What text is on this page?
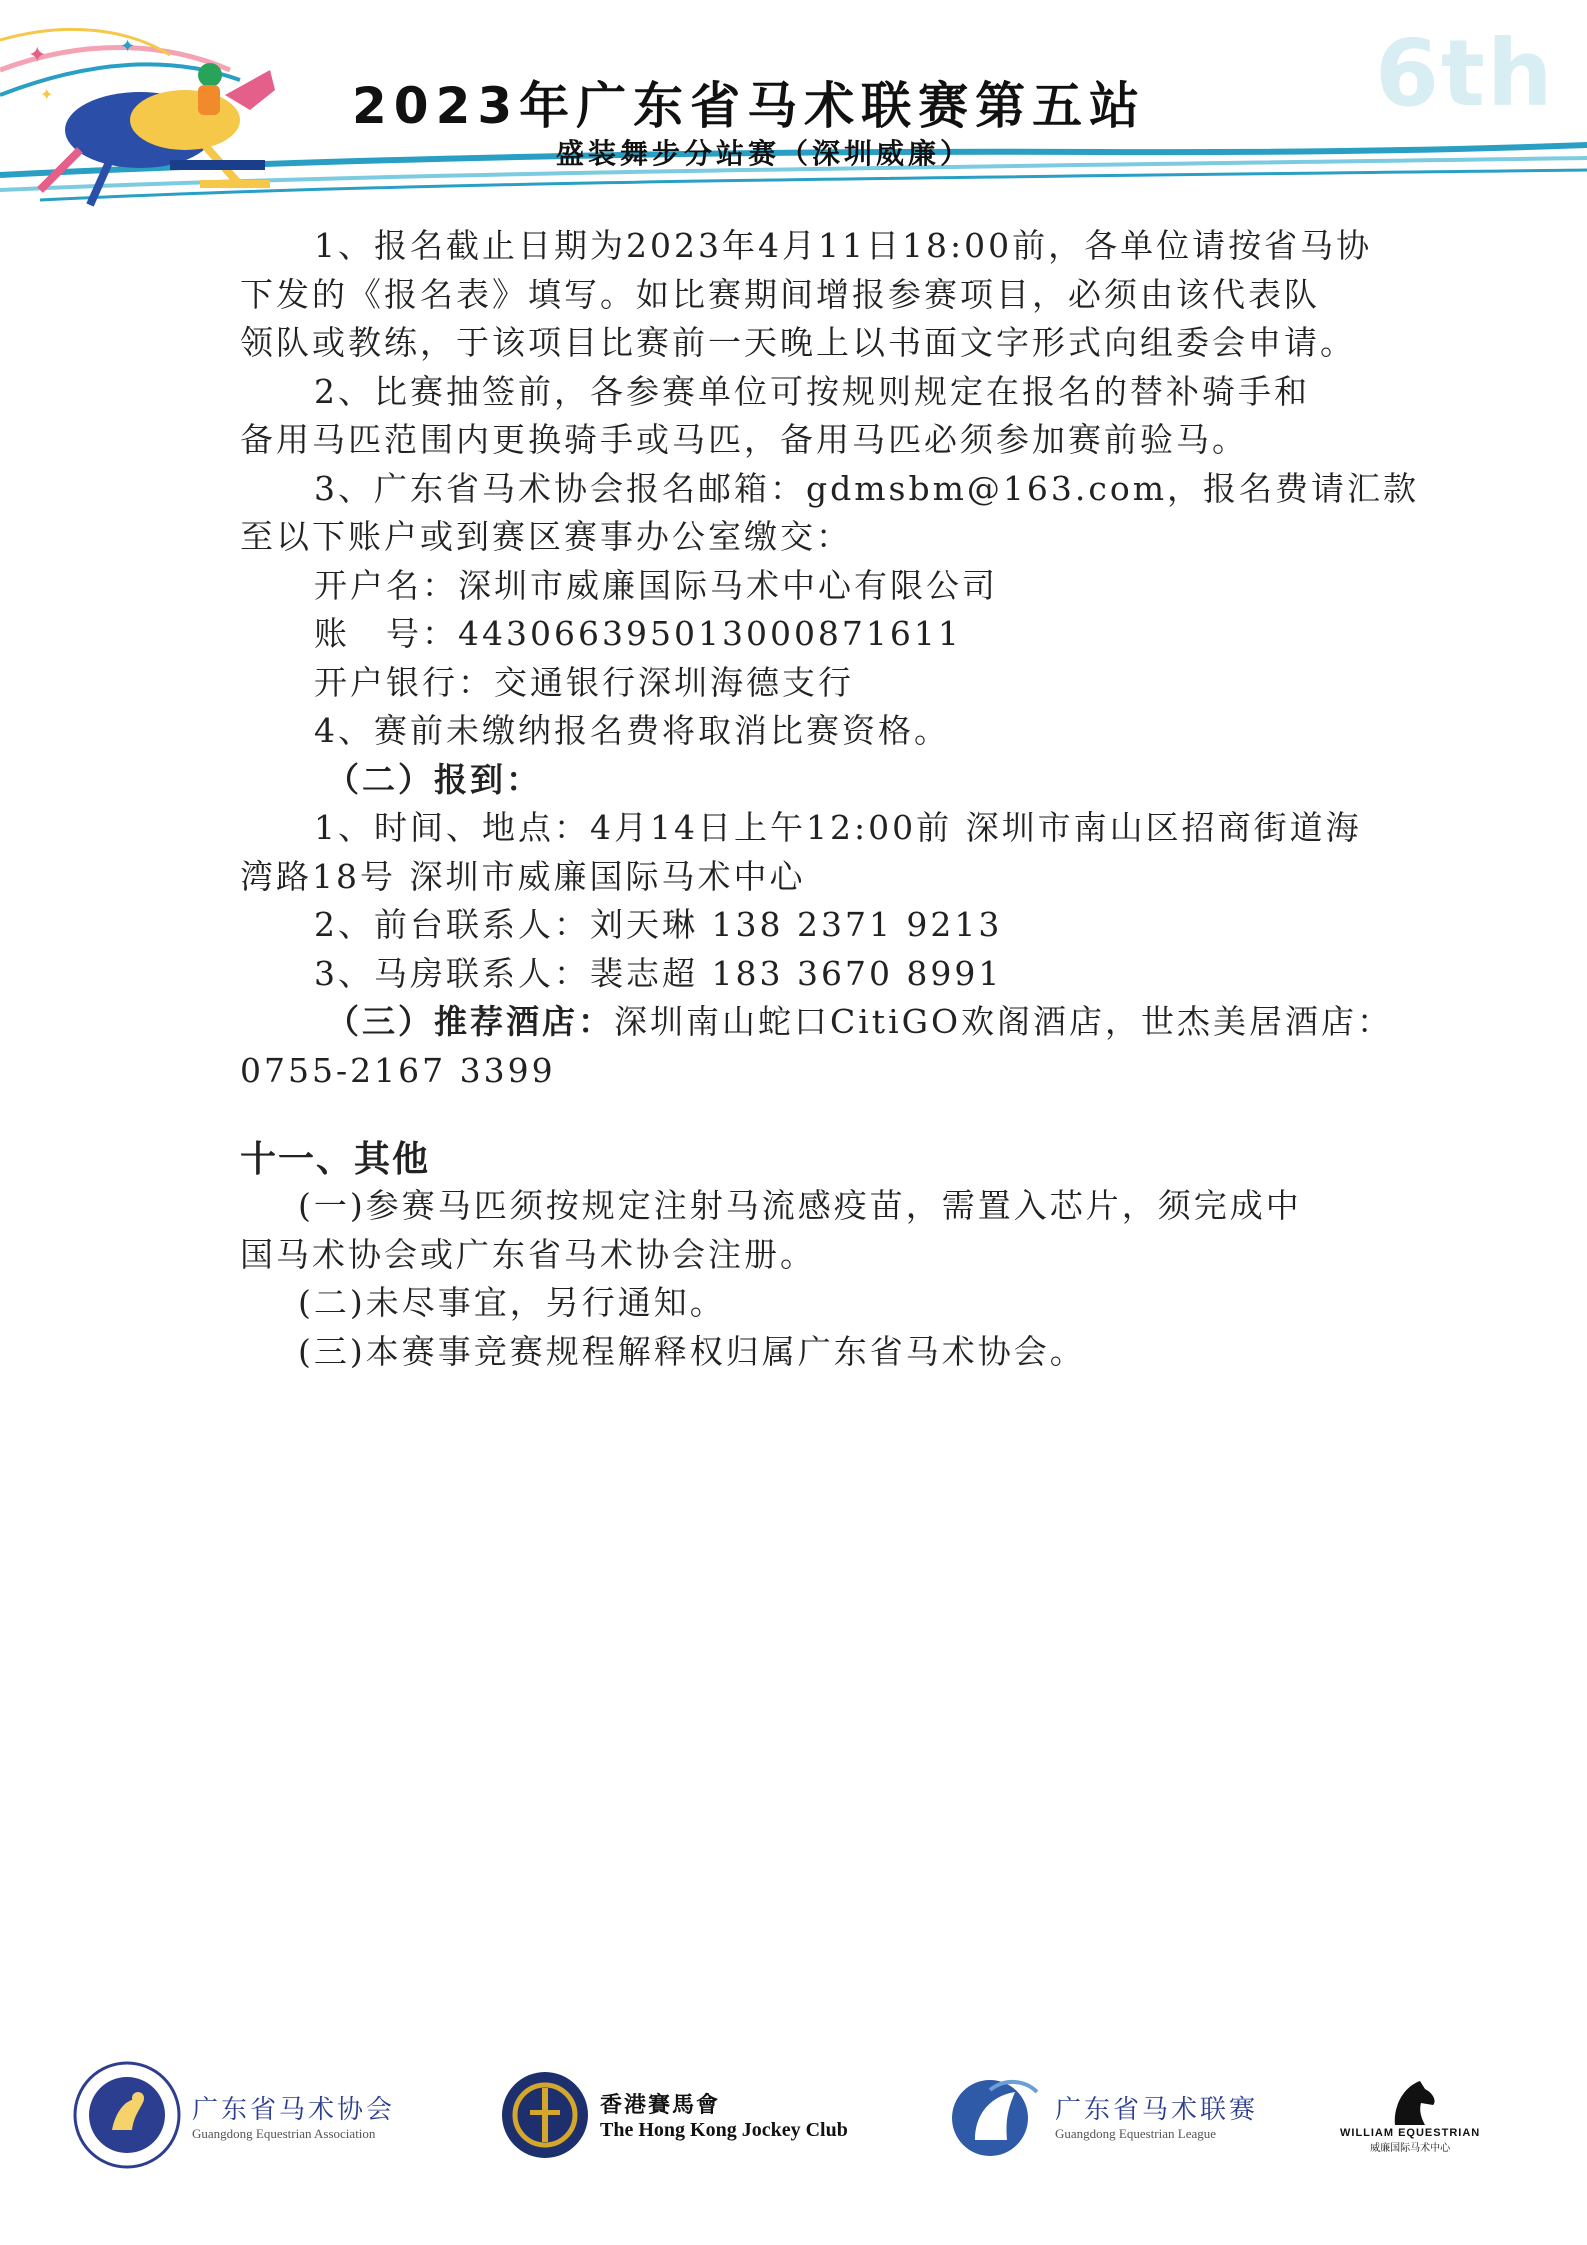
✦	✦
✦	6th
2023年广东省马术联赛第五站
盛装舞步分站赛（深圳威廉）

1、报名截止日期为2023年4月11日18:00前，各单位请按省马协

下发的《报名表》填写。如比赛期间增报参赛项目，必须由该代表队

领队或教练，于该项目比赛前一天晚上以书面文字形式向组委会申请。

2、比赛抽签前，各参赛单位可按规则规定在报名的替补骑手和

备用马匹范围内更换骑手或马匹，备用马匹必须参加赛前验马。

3、广东省马术协会报名邮箱：gdmsbm@163.com，报名费请汇款

至以下账户或到赛区赛事办公室缴交：

开户名：深圳市威廉国际马术中心有限公司

账　号：443066395013000871611

开户银行：交通银行深圳海德支行

4、赛前未缴纳报名费将取消比赛资格。

（二）报到：

1、时间、地点：4月14日上午12:00前 深圳市南山区招商街道海

湾路18号 深圳市威廉国际马术中心

2、前台联系人：刘天琳 138 2371 9213

3、马房联系人：裴志超 183 3670 8991

（三）推荐酒店：深圳南山蛇口CitiGO欢阁酒店，世杰美居酒店：

0755-2167 3399

十一、其他

(一)参赛马匹须按规定注射马流感疫苗，需置入芯片，须完成中

国马术协会或广东省马术协会注册。

(二)未尽事宜，另行通知。

(三)本赛事竞赛规程解释权归属广东省马术协会。

广东省马术协会
Guangdong Equestrian Association
香港賽馬會
The Hong Kong Jockey Club
广东省马术联赛
Guangdong Equestrian League	WILLIAM EQUESTRIAN
威廉国际马术中心
